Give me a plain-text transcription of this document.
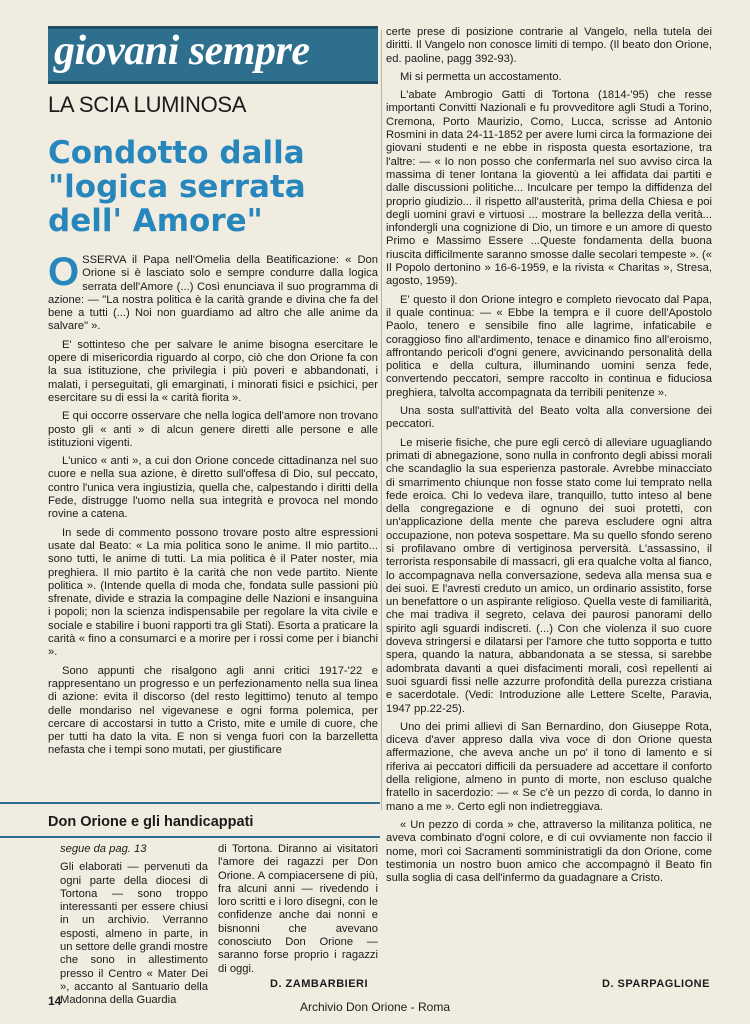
giovani sempre
LA SCIA LUMINOSA
Condotto dalla
"logica serrata
dell' Amore"

OSSERVA il Papa nell'Omelia della Beatificazione: « Don Orione si è lasciato solo e sempre condurre dalla logica serrata dell'Amore (...) Così enunciava il suo programma di azione: — "La nostra politica è la carità grande e divina che fa del bene a tutti (...) Noi non guardiamo ad altro che alle anime da salvare" ».

E' sottinteso che per salvare le anime bisogna esercitare le opere di misericordia riguardo al corpo, ciò che don Orione fa con la sua istituzione, che privilegia i più poveri e abbandonati, i malati, i perseguitati, gli emarginati, i minorati fisici e psichici, per esercitare su di essi la « carità fiorita ».

E qui occorre osservare che nella logica dell'amore non trovano posto gli « anti » di alcun genere diretti alle persone e alle istituzioni vigenti.

L'unico « anti », a cui don Orione concede cittadinanza nel suo cuore e nella sua azione, è diretto sull'offesa di Dio, sul peccato, contro l'unica vera ingiustizia, quella che, calpestando i diritti della Fede, distrugge l'uomo nella sua integrità e provoca nel mondo rovine a catena.

In sede di commento possono trovare posto altre espressioni usate dal Beato: « La mia politica sono le anime. Il mio partito... sono tutti, le anime di tutti. La mia politica è il Pater noster, mia preghiera. Il mio partito è la carità che non vede partito. Niente politica ». (Intende quella di moda che, fondata sulle passioni più sfrenate, divide e strazia la compagine delle Nazioni e insanguina i popoli; non la scienza indispensabile per regolare la vita civile e sociale e stabilire i buoni rapporti tra gli Stati). Esorta a praticare la carità « fino a consumarci e a morire per i rossi come per i bianchi ».

Sono appunti che risalgono agli anni critici 1917-'22 e rappresentano un progresso e un perfezionamento nella sua linea di azione: evita il discorso (del resto legittimo) tenuto al tempo delle mondariso nel vigevanese e ogni forma polemica, per cercare di accostarsi in tutto a Cristo, mite e umile di cuore, che per tutti ha dato la vita. E non si venga fuori con la barzelletta nefasta che i tempi sono mutati, per giustificare

certe prese di posizione contrarie al Vangelo, nella tutela dei diritti. Il Vangelo non conosce limiti di tempo. (Il beato don Orione, ed. paoline, pagg 392-93).

Mi si permetta un accostamento.

L'abate Ambrogio Gatti di Tortona (1814-'95) che resse importanti Convitti Nazionali e fu provveditore agli Studi a Torino, Cremona, Porto Maurizio, Como, Lucca, scrisse ad Antonio Rosmini in data 24-11-1852 per avere lumi circa la formazione dei giovani studenti e ne ebbe in risposta questa esortazione, tra l'altre: — « Io non posso che confermarla nel suo avviso circa la massima di tener lontana la gioventù a lei affidata dai partiti e dalle discussioni politiche... Inculcare per tempo la diffidenza del proprio giudizio... il rispetto all'austerità, prima della Chiesa e poi degli uomini gravi e virtuosi ... mostrare la bellezza della verità... infondergli una cognizione di Dio, un timore e un amore di questo Primo e Massimo Essere ...Queste fondamenta della buona riuscita difficilmente saranno smosse dalle secolari tempeste ». (« Il Popolo dertonino » 16-6-1959, e la rivista « Charitas », Stresa, agosto, 1959).

E' questo il don Orione integro e completo rievocato dal Papa, il quale continua: — « Ebbe la tempra e il cuore dell'Apostolo Paolo, tenero e sensibile fino alle lagrime, infaticabile e coraggioso fino all'ardimento, tenace e dinamico fino all'eroismo, affrontando pericoli d'ogni genere, avvicinando personalità della politica e della cultura, illuminando uomini senza fede, convertendo peccatori, sempre raccolto in continua e fiduciosa preghiera, talvolta accompagnata da terribili penitenze ».

Una sosta sull'attività del Beato volta alla conversione dei peccatori.

Le miserie fisiche, che pure egli cercò di alleviare uguagliando primati di abnegazione, sono nulla in confronto degli abissi morali che scandaglio la sua esperienza pastorale. Avrebbe minacciato di smarrimento chiunque non fosse stato come lui temprato nella fede eroica. Chi lo vedeva ilare, tranquillo, tutto inteso al bene della congregazione e di ognuno dei suoi protetti, con un'applicazione della mente che pareva escludere ogni altra occupazione, non poteva sospettare. Ma su quello sfondo sereno si profilavano ombre di vertiginosa perversità. L'assassino, il terrorista responsabile di massacri, gli era qualche volta al fianco, lo accompagnava nella conversazione, sedeva alla mensa sua e dei suoi. E l'avresti creduto un amico, un ordinario assistito, forse un benefattore o un aspirante religioso. Quella veste di familiarità, che mai tradiva il segreto, celava dei paurosi panorami dello spirito agli sguardi indiscreti. (...) Con che violenza il suo cuore doveva stringersi e dilatarsi per l'amore che tutto sopporta e tutto spera, quando la natura, abbandonata a se stessa, si sarebbe adombrata davanti a quei disfacimenti morali, così repellenti ai suoi sguardi fissi nelle azzurre profondità della purezza cristiana e sacerdotale. (Vedi: Introduzione alle Lettere Scelte, Paravia, 1947 pp.22-25).

Uno dei primi allievi di San Bernardino, don Giuseppe Rota, diceva d'aver appreso dalla viva voce di don Orione questa affermazione, che aveva anche un po' il tono di lamento e si riferiva ai peccatori difficili da persuadere ad accettare il conforto della religione, almeno in punto di morte, non escluso qualche fratello in sacerdozio: — « Se c'è un pezzo di corda, lo danno in mano a me ». Certo egli non indietreggiava.

« Un pezzo di corda » che, attraverso la militanza politica, ne aveva combinato d'ogni colore, e di cui ovviamente non faccio il nome, morì coi Sacramenti somministratigli da don Orione, come testimonia un nostro buon amico che accompagnò il Beato fin sulla soglia di casa dell'infermo da guadagnare a Cristo.

Don Orione e gli handicappati

segue da pag. 13

Gli elaborati — pervenuti da ogni parte della diocesi di Tortona — sono troppo interessanti per essere chiusi in un archivio. Verranno esposti, almeno in parte, in un settore delle grandi mostre che sono in allestimento presso il Centro « Mater Dei », accanto al Santuario della Madonna della Guardia

di Tortona. Diranno ai visitatori l'amore dei ragazzi per Don Orione. A compiacersene di più, fra alcuni anni — rivedendo i loro scritti e i loro disegni, con le confidenze anche dai nonni e bisnonni che avevano conosciuto Don Orione — saranno forse proprio i ragazzi di oggi.

D. ZAMBARBIERI	D. SPARPAGLIONE
14	Archivio Don Orione - Roma
